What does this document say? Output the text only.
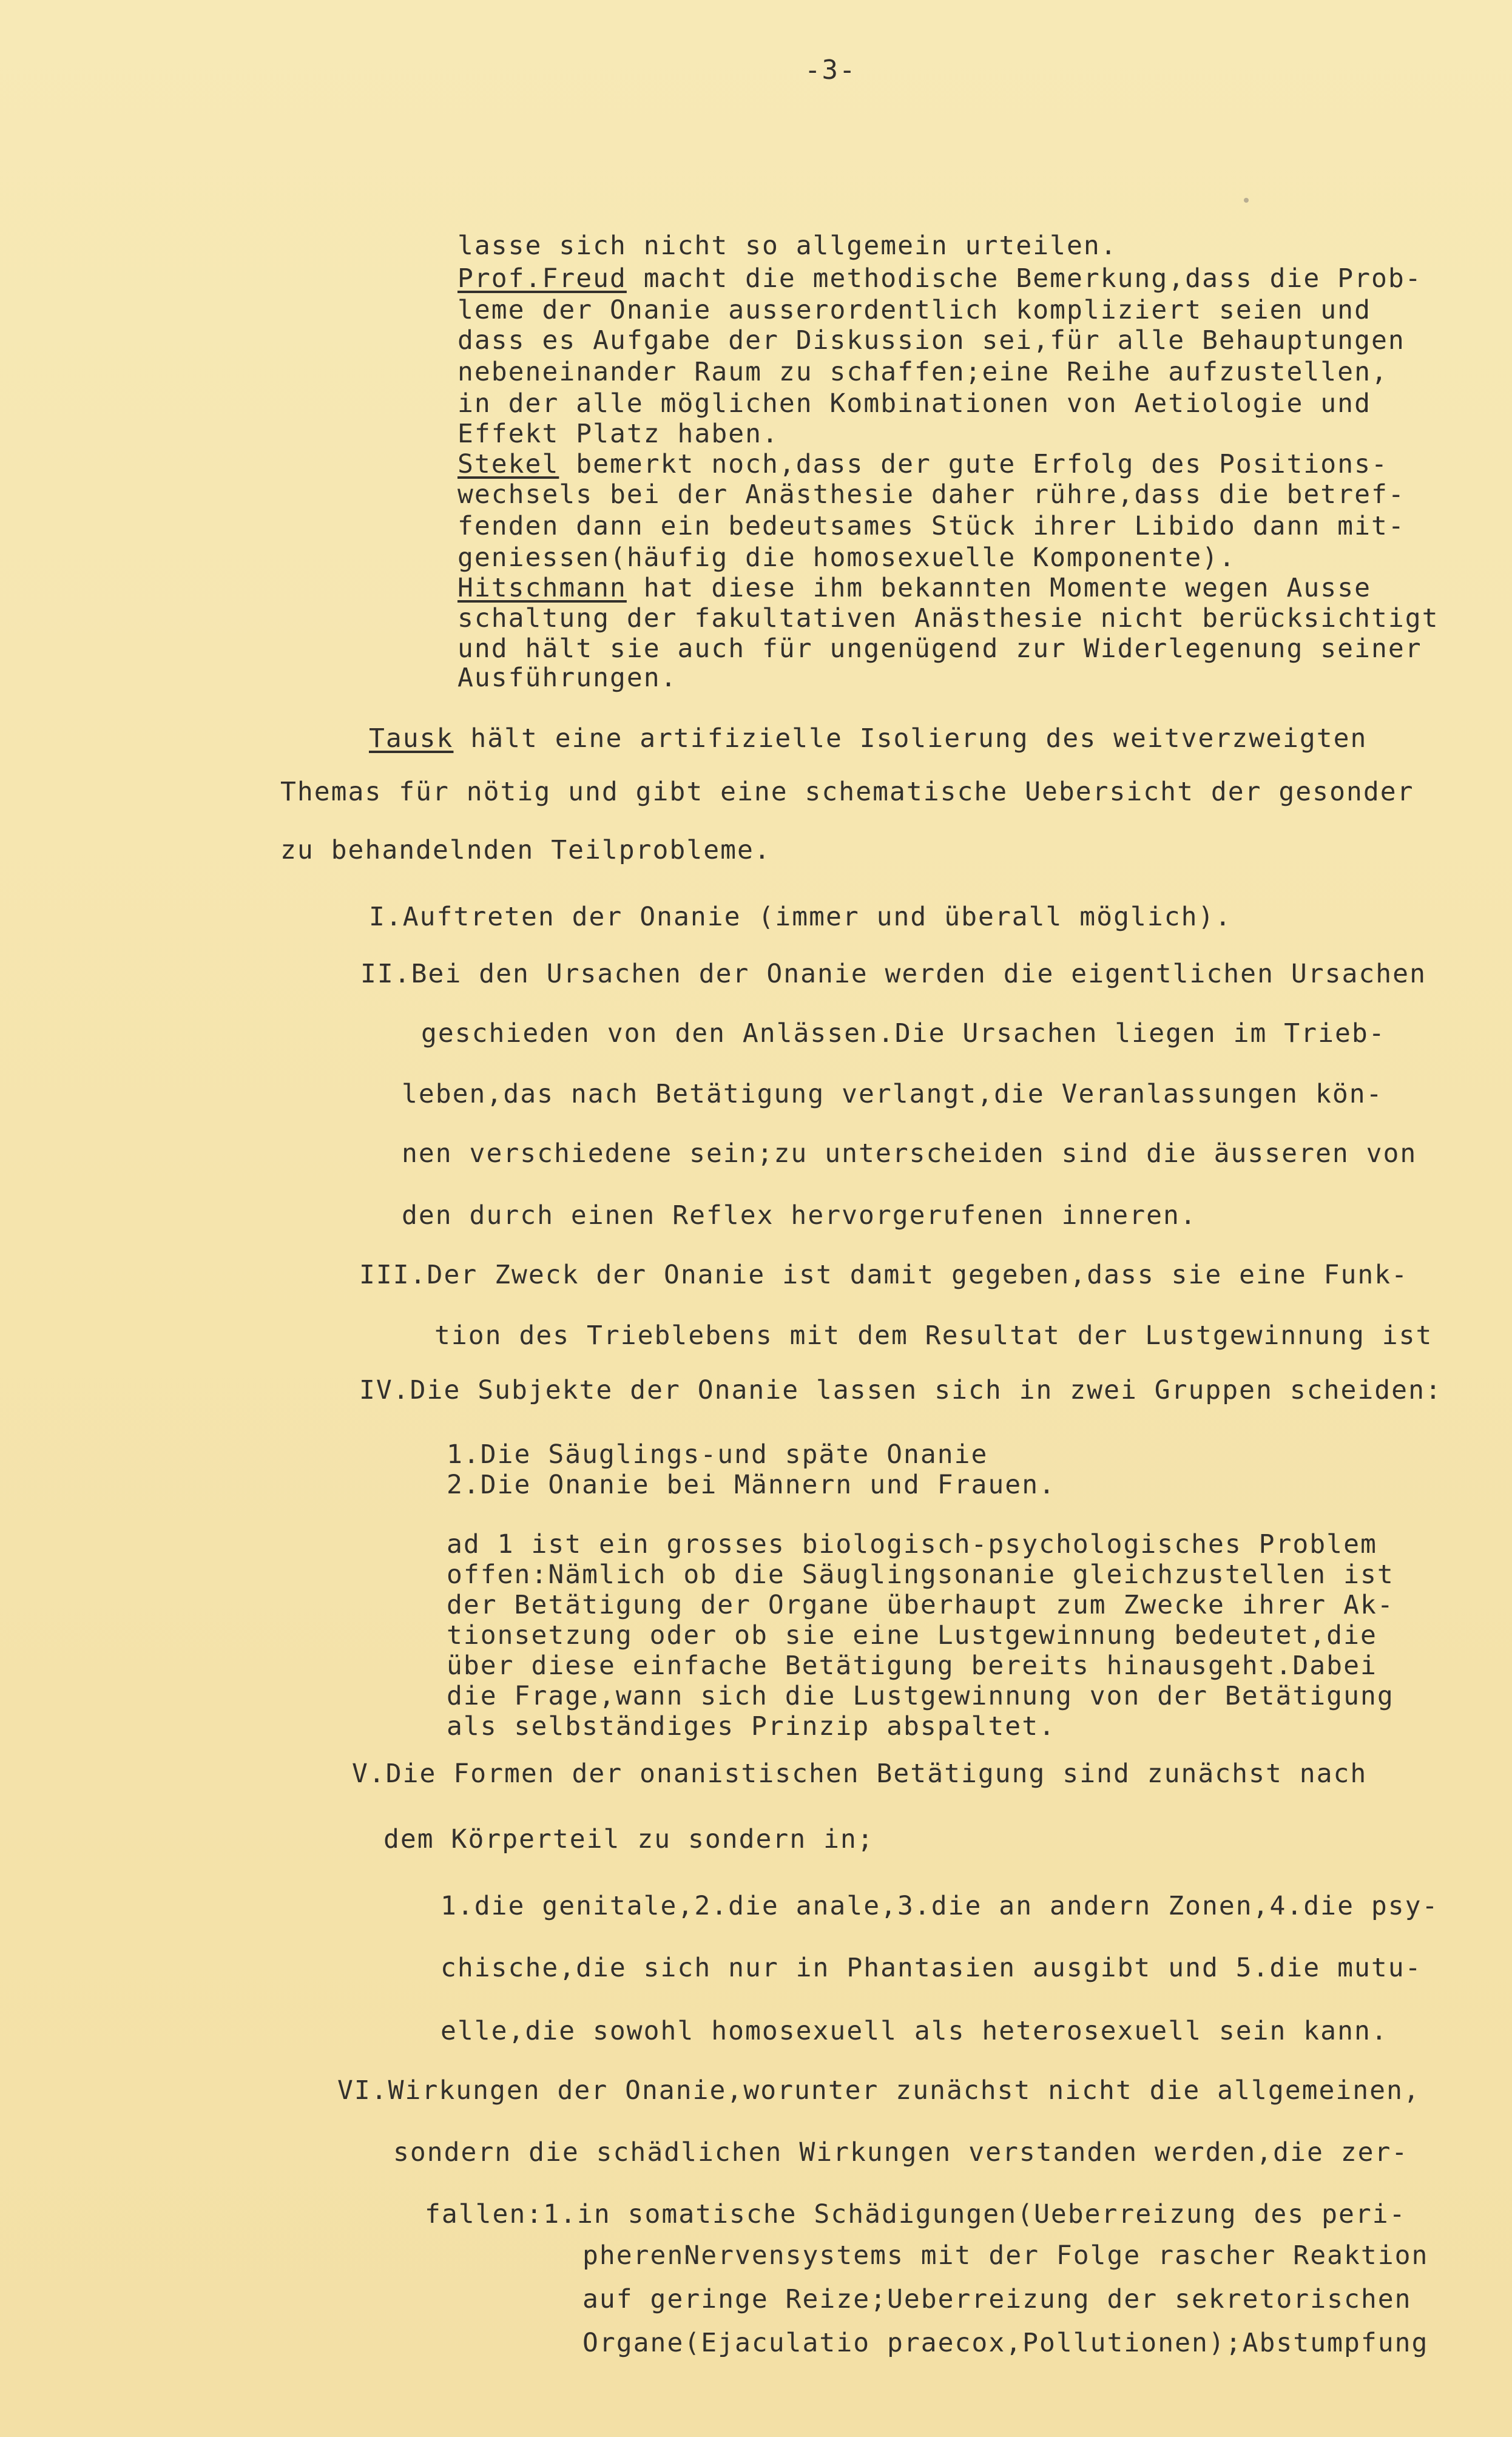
-3-
lasse sich nicht so allgemein urteilen.
Prof.Freud macht die methodische Bemerkung,dass die Prob-
leme der Onanie ausserordentlich kompliziert seien und
dass es Aufgabe der Diskussion sei,für alle Behauptungen
nebeneinander Raum zu schaffen;eine Reihe aufzustellen,
in der alle möglichen Kombinationen von Aetiologie und
Effekt Platz haben.
Stekel bemerkt noch,dass der gute Erfolg des Positions-
wechsels bei der Anästhesie daher rühre,dass die betref-
fenden dann ein bedeutsames Stück ihrer Libido dann mit-
geniessen(häufig die homosexuelle Komponente).
Hitschmann hat diese ihm bekannten Momente wegen Ausse
schaltung der fakultativen Anästhesie nicht berücksichtigt
und hält sie auch für ungenügend zur Widerlegenung seiner
Ausführungen.
Tausk hält eine artifizielle Isolierung des weitverzweigten
Themas für nötig und gibt eine schematische Uebersicht der gesonder
zu behandelnden Teilprobleme.
I.Auftreten der Onanie (immer und überall möglich).
II.Bei den Ursachen der Onanie werden die eigentlichen Ursachen
geschieden von den Anlässen.Die Ursachen liegen im Trieb-
leben,das nach Betätigung verlangt,die Veranlassungen kön-
nen verschiedene sein;zu unterscheiden sind die äusseren von
den durch einen Reflex hervorgerufenen inneren.
III.Der Zweck der Onanie ist damit gegeben,dass sie eine Funk-
tion des Trieblebens mit dem Resultat der Lustgewinnung ist
IV.Die Subjekte der Onanie lassen sich in zwei Gruppen scheiden:
1.Die Säuglings-und späte Onanie
2.Die Onanie bei Männern und Frauen.
ad 1 ist ein grosses biologisch-psychologisches Problem
offen:Nämlich ob die Säuglingsonanie gleichzustellen ist
der Betätigung der Organe überhaupt zum Zwecke ihrer Ak-
tionsetzung oder ob sie eine Lustgewinnung bedeutet,die
über diese einfache Betätigung bereits hinausgeht.Dabei
die Frage,wann sich die Lustgewinnung von der Betätigung
als selbständiges Prinzip abspaltet.
V.Die Formen der onanistischen Betätigung sind zunächst nach
dem Körperteil zu sondern in;
1.die genitale,2.die anale,3.die an andern Zonen,4.die psy-
chische,die sich nur in Phantasien ausgibt und 5.die mutu-
elle,die sowohl homosexuell als heterosexuell sein kann.
VI.Wirkungen der Onanie,worunter zunächst nicht die allgemeinen,
sondern die schädlichen Wirkungen verstanden werden,die zer-
fallen:1.in somatische Schädigungen(Ueberreizung des peri-
pherenNervensystems mit der Folge rascher Reaktion
auf geringe Reize;Ueberreizung der sekretorischen
Organe(Ejaculatio praecox,Pollutionen);Abstumpfung
